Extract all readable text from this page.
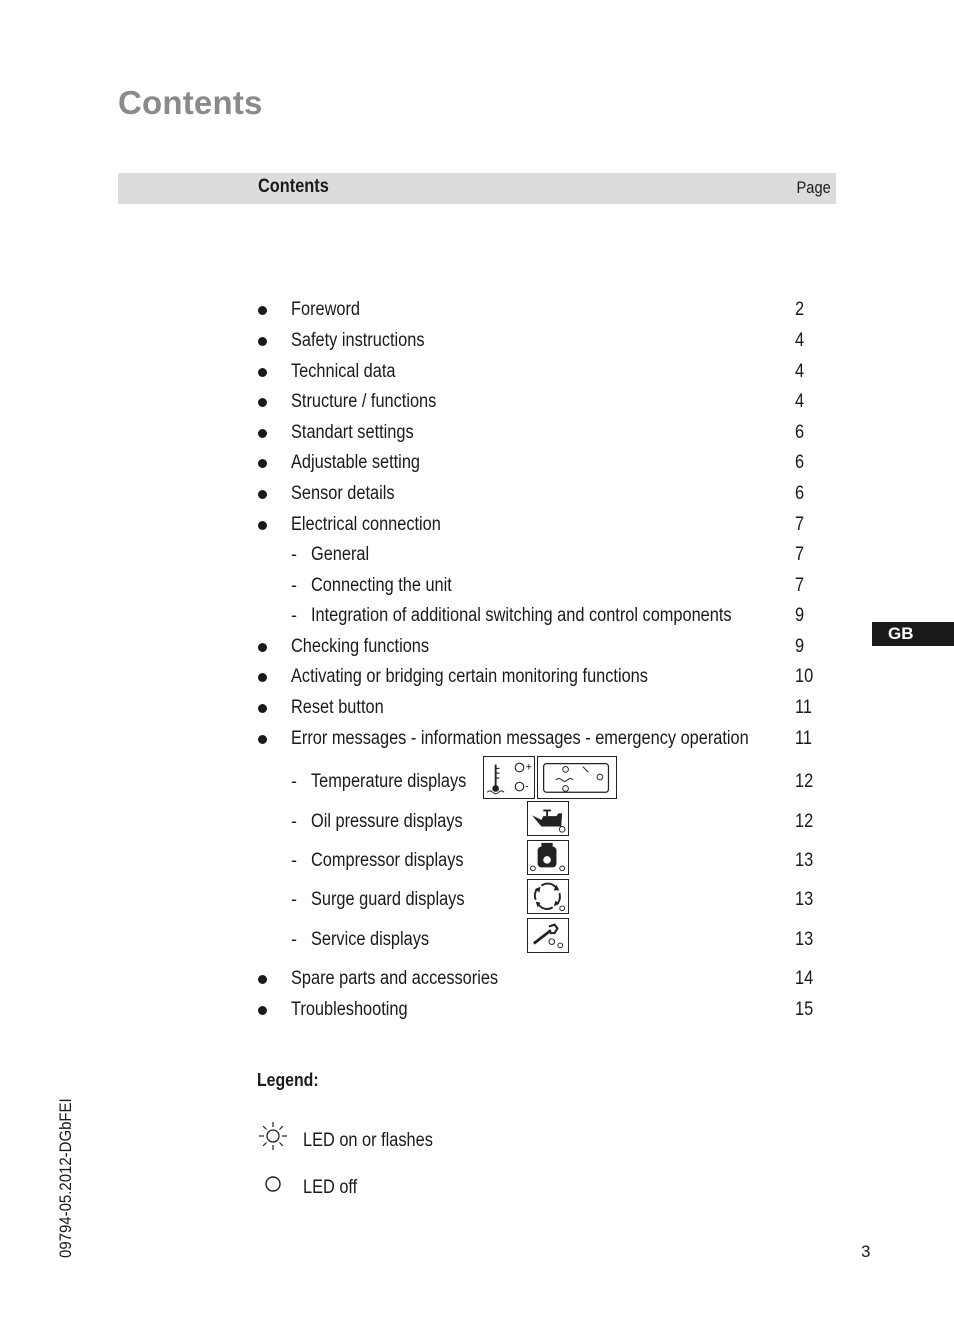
Contents
Contents	Page
Foreword	2
Safety instructions	4
Technical data	4
Structure / functions	4
Standart settings	6
Adjustable setting	6
Sensor details	6
Electrical connection	7
- General	7
- Connecting the unit	7
- Integration of additional switching and control components	9
Checking functions	9
Activating or bridging certain monitoring functions	10
Reset button	11
Error messages - information messages - emergency operation 11
- Temperature displays	12
- Oil pressure displays	12
- Compressor displays	13
- Surge guard displays	13
- Service displays	13
Spare parts and accessories	14
Troubleshooting	15
+
-
GB
Legend:
LED on or flashes
LED off
09794-05.2012-DGbFEI	3
